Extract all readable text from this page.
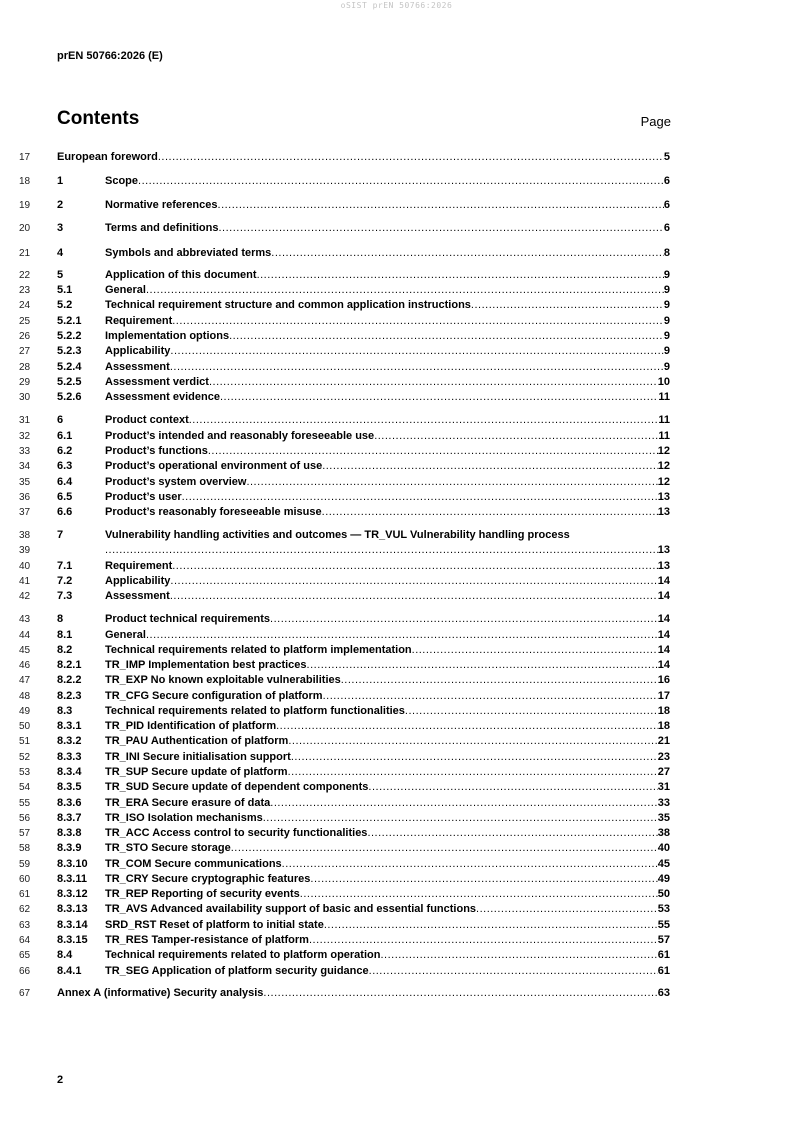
oSIST prEN 50766:2026
prEN 50766:2026 (E)
Contents	Page
17	European foreword .....	5
18	1	Scope .....	6
19	2	Normative references .....	6
20	3	Terms and definitions .....	6
21	4	Symbols and abbreviated terms .....	8
22	5	Application of this document .....	9
23	5.1	General .....	9
24	5.2	Technical requirement structure and common application instructions .....	9
25	5.2.1 Requirement .....	9
26	5.2.2 Implementation options .....	9
27	5.2.3 Applicability .....	9
28	5.2.4 Assessment .....	9
29	5.2.5 Assessment verdict .....	10
30	5.2.6 Assessment evidence .....	11
31	6	Product context .....	11
32	6.1	Product’s intended and reasonably foreseeable use .....	11
33	6.2	Product’s functions .....	12
34	6.3	Product’s operational environment of use .....	12
35	6.4	Product’s system overview .....	12
36	6.5	Product’s user .....	13
37	6.6	Product’s reasonably foreseeable misuse .....	13
38	7	Vulnerability handling activities and outcomes — TR_VUL Vulnerability handling process
39 .....	13
40	7.1	Requirement .....	13
41	7.2	Applicability .....	14
42	7.3	Assessment .....	14
43	8	Product technical requirements .....	14
44	8.1	General .....	14
45	8.2	Technical requirements related to platform implementation .....	14
46	8.2.1 TR_IMP Implementation best practices .....	14
47	8.2.2 TR_EXP No known exploitable vulnerabilities .....	16
48	8.2.3 TR_CFG Secure configuration of platform .....	17
49	8.3	Technical requirements related to platform functionalities .....	18
50	8.3.1 TR_PID Identification of platform .....	18
51	8.3.2 TR_PAU Authentication of platform .....	21
52	8.3.3 TR_INI Secure initialisation support .....	23
53	8.3.4 TR_SUP Secure update of platform .....	27
54	8.3.5 TR_SUD Secure update of dependent components .....	31
55	8.3.6 TR_ERA Secure erasure of data .....	33
56	8.3.7 TR_ISO Isolation mechanisms .....	35
57	8.3.8 TR_ACC Access control to security functionalities .....	38
58	8.3.9 TR_STO Secure storage .....	40
59	8.3.10 TR_COM Secure communications .....	45
60	8.3.11 TR_CRY Secure cryptographic features .....	49
61	8.3.12 TR_REP Reporting of security events .....	50
62	8.3.13 TR_AVS Advanced availability support of basic and essential functions .....	53
63	8.3.14 SRD_RST Reset of platform to initial state .....	55
64	8.3.15 TR_RES Tamper-resistance of platform .....	57
65	8.4	Technical requirements related to platform operation .....	61
66	8.4.1 TR_SEG Application of platform security guidance .....	61
67	Annex A (informative) Security analysis .....	63
2
